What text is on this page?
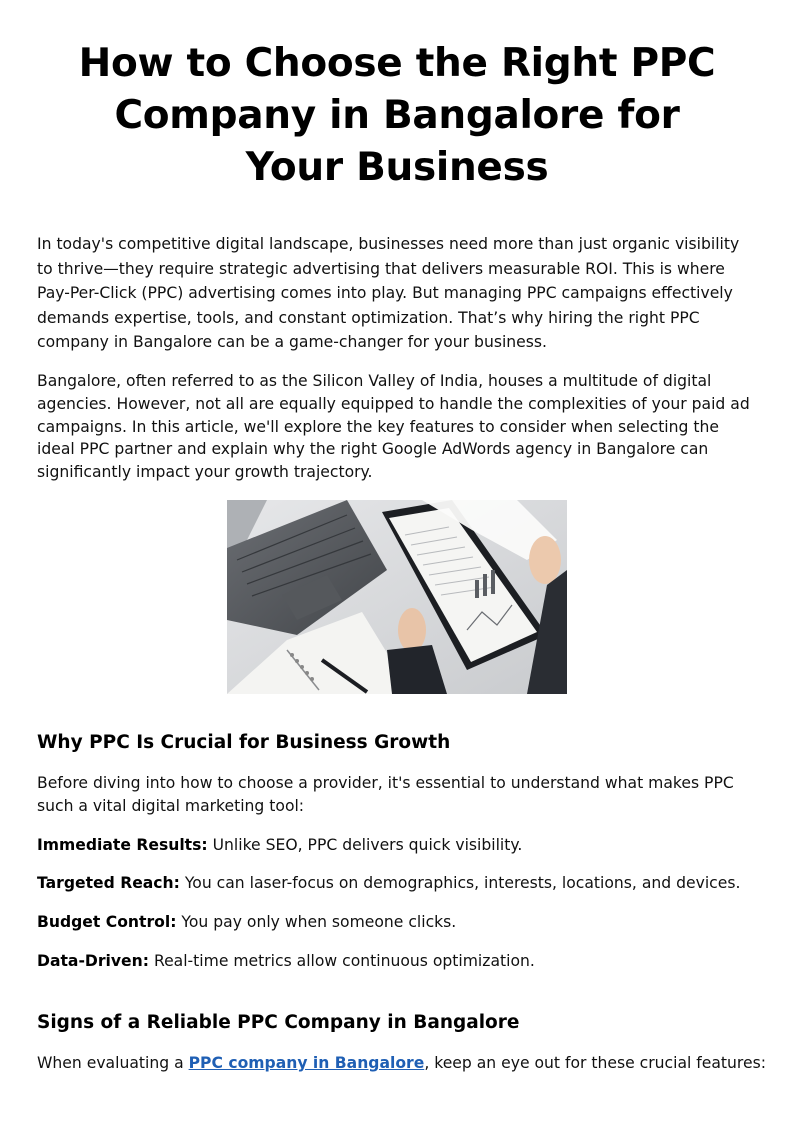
How to Choose the Right PPC Company in Bangalore for Your Business

In today's competitive digital landscape, businesses need more than just organic visibility to thrive—they require strategic advertising that delivers measurable ROI. This is where Pay-Per-Click (PPC) advertising comes into play. But managing PPC campaigns effectively demands expertise, tools, and constant optimization. That’s why hiring the right PPC company in Bangalore can be a game-changer for your business.

Bangalore, often referred to as the Silicon Valley of India, houses a multitude of digital agencies. However, not all are equally equipped to handle the complexities of your paid ad campaigns. In this article, we'll explore the key features to consider when selecting the ideal PPC partner and explain why the right Google AdWords agency in Bangalore can significantly impact your growth trajectory.

Why PPC Is Crucial for Business Growth

Before diving into how to choose a provider, it's essential to understand what makes PPC such a vital digital marketing tool:

Immediate Results: Unlike SEO, PPC delivers quick visibility.
Targeted Reach: You can laser-focus on demographics, interests, locations, and devices.
Budget Control: You pay only when someone clicks.
Data-Driven: Real-time metrics allow continuous optimization.
Signs of a Reliable PPC Company in Bangalore
When evaluating a PPC company in Bangalore, keep an eye out for these crucial features:
